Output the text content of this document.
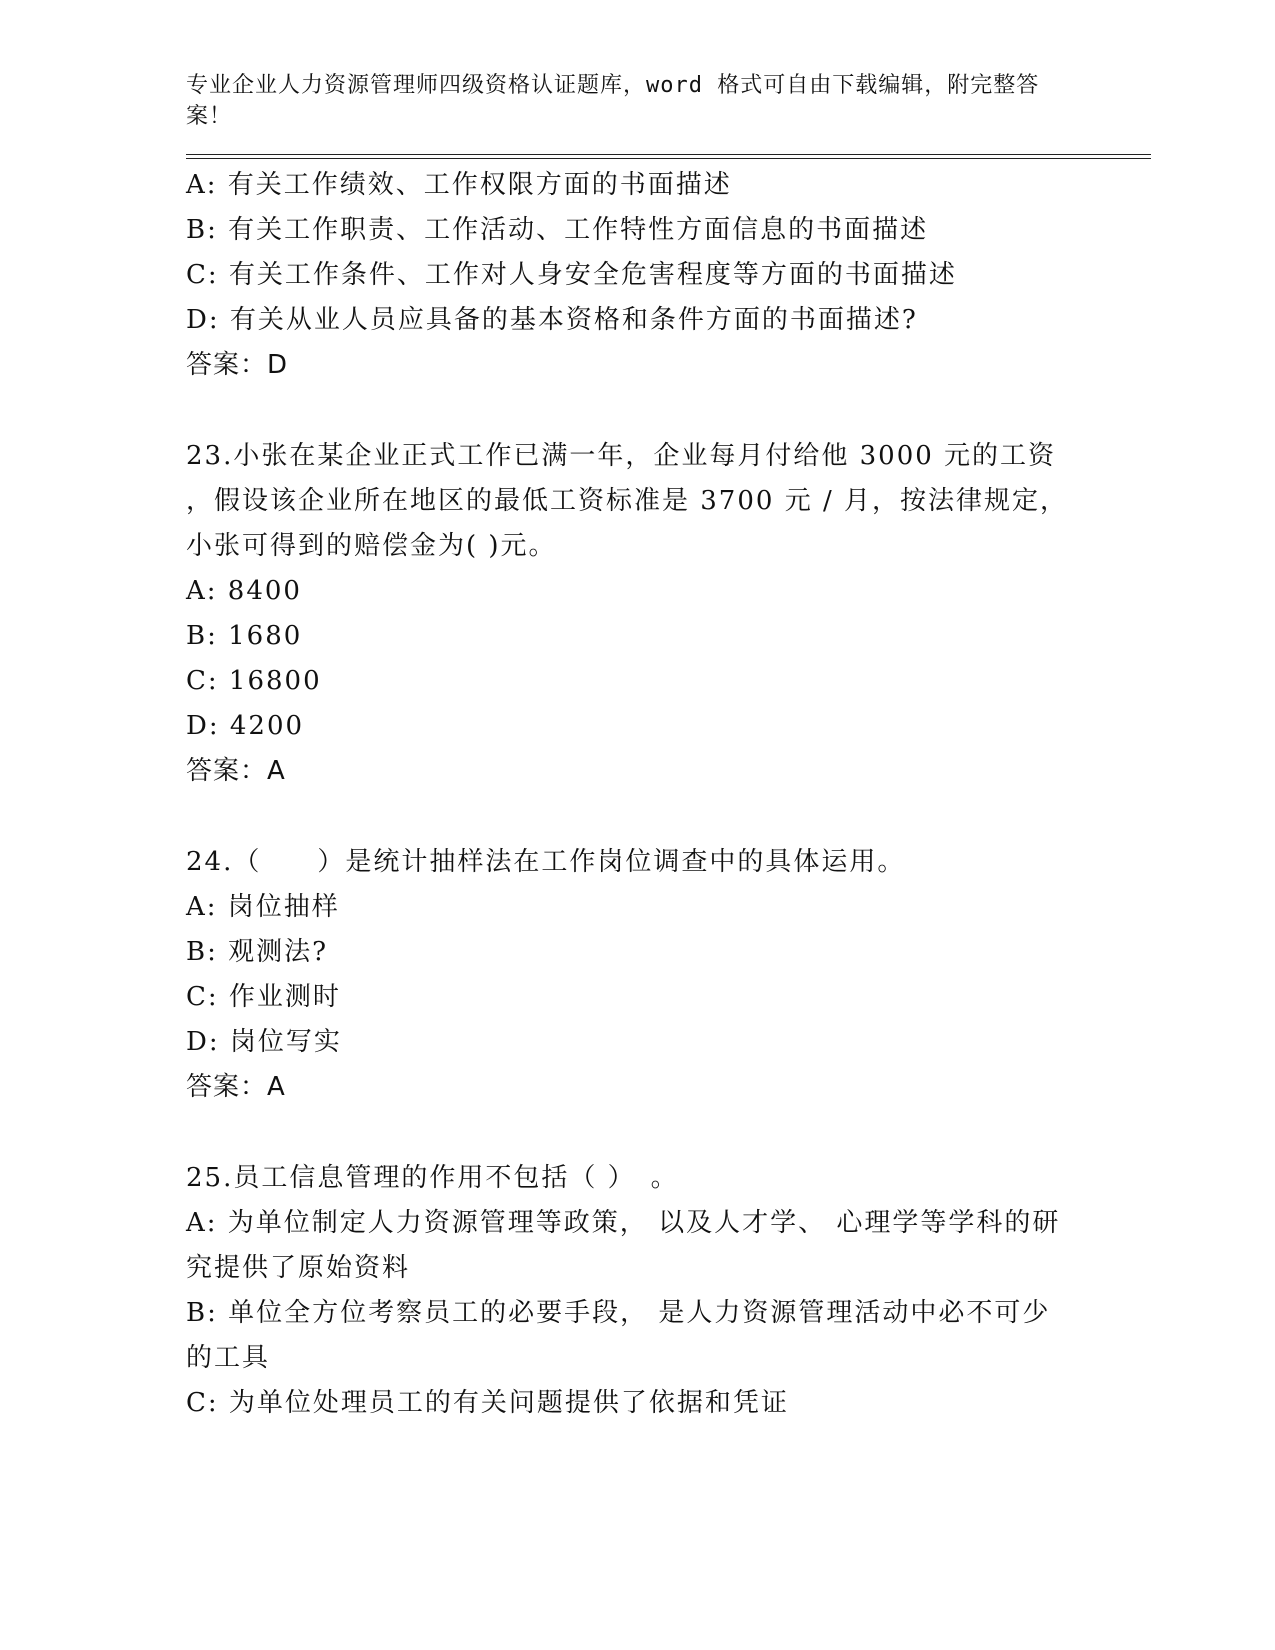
专业企业人力资源管理师四级资格认证题库，word 格式可自由下载编辑，附完整答案！
A: 有关工作绩效、工作权限方面的书面描述
B: 有关工作职责、工作活动、工作特性方面信息的书面描述
C: 有关工作条件、工作对人身安全危害程度等方面的书面描述
D: 有关从业人员应具备的基本资格和条件方面的书面描述?
答案：D
23.小张在某企业正式工作已满一年，企业每月付给他 3000 元的工资
，假设该企业所在地区的最低工资标准是 3700 元 / 月，按法律规定，
小张可得到的赔偿金为( )元。
A: 8400
B: 1680
C: 16800
D: 4200
答案：A
24.（　　）是统计抽样法在工作岗位调查中的具体运用。
A: 岗位抽样
B: 观测法?
C: 作业测时
D: 岗位写实
答案：A
25.员工信息管理的作用不包括（ ）　。
A: 为单位制定人力资源管理等政策， 以及人才学、 心理学等学科的研究提供了原始资料
B: 单位全方位考察员工的必要手段， 是人力资源管理活动中必不可少的工具
C: 为单位处理员工的有关问题提供了依据和凭证
